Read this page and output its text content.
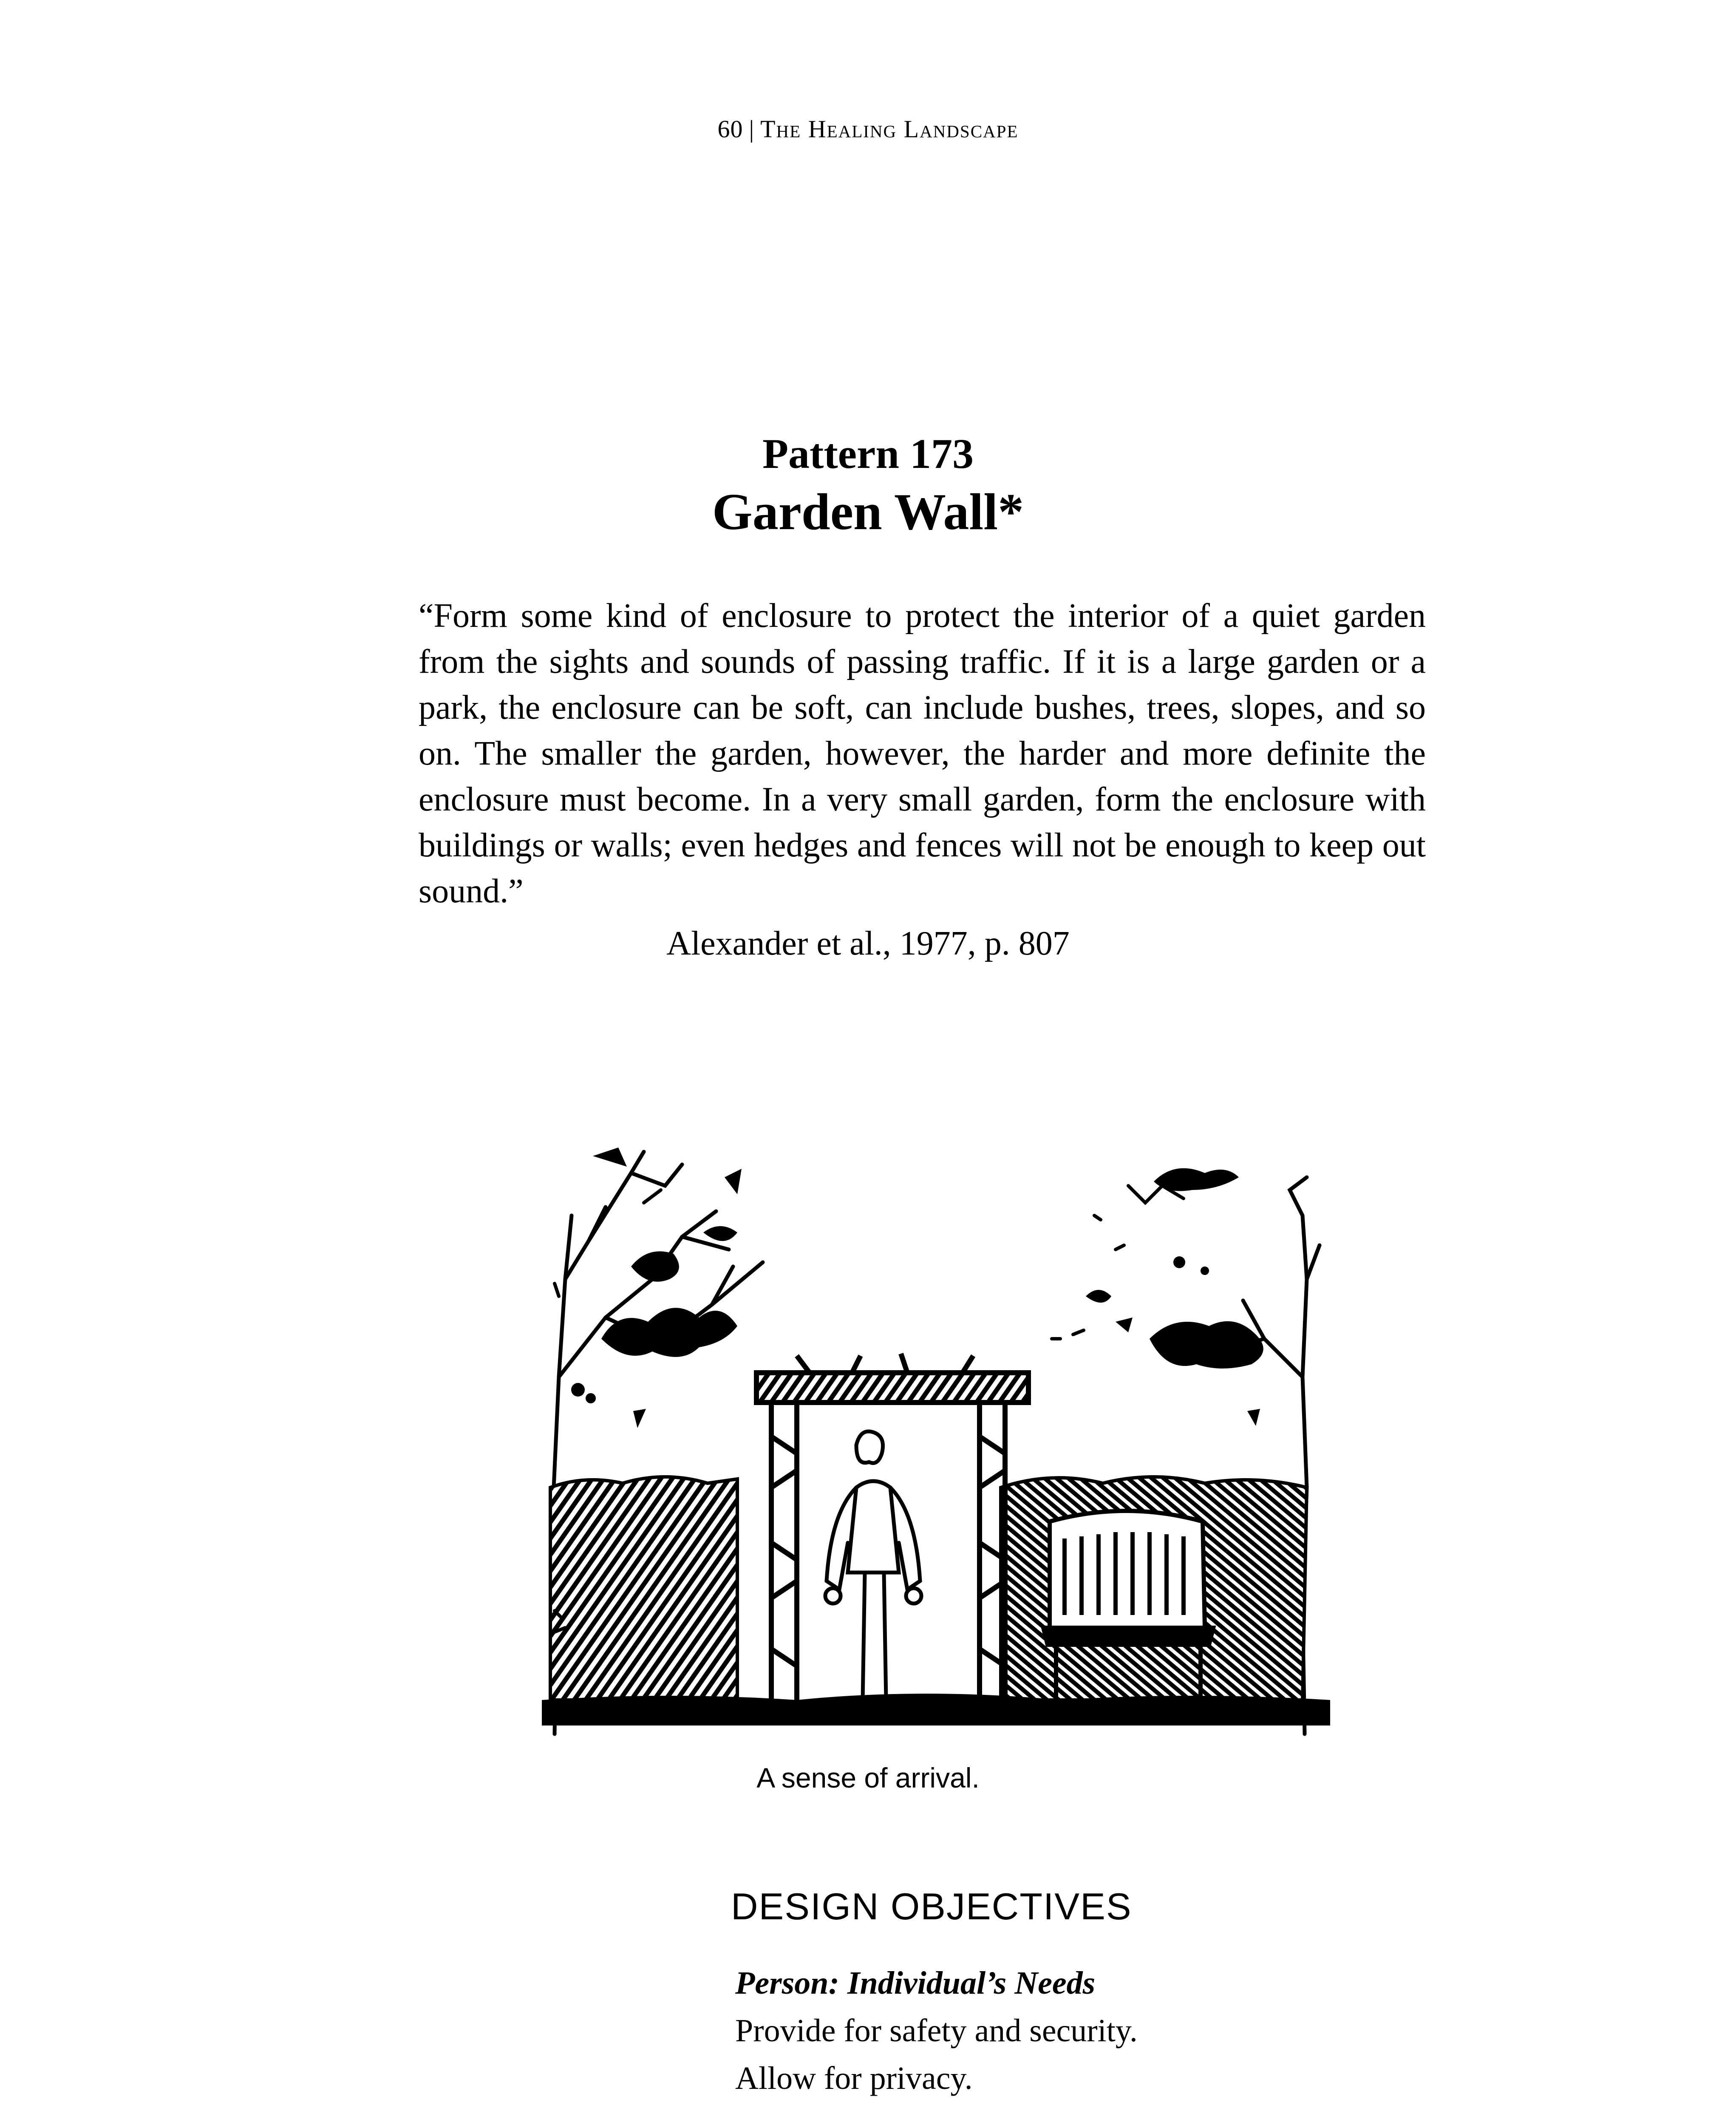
60 | The Healing Landscape
Pattern 173
Garden Wall*

“Form some kind of enclosure to protect the interior of a quiet garden from the sights and sounds of passing traffic. If it is a large garden or a park, the enclosure can be soft, can include bushes, trees, slopes, and so on. The smaller the garden, however, the harder and more definite the enclosure must become. In a very small garden, form the enclosure with buildings or walls; even hedges and fences will not be enough to keep out sound.”

Alexander et al., 1977, p. 807
A sense of arrival.
DESIGN OBJECTIVES
Person: Individual’s Needs
Provide for safety and security.
Allow for privacy.
